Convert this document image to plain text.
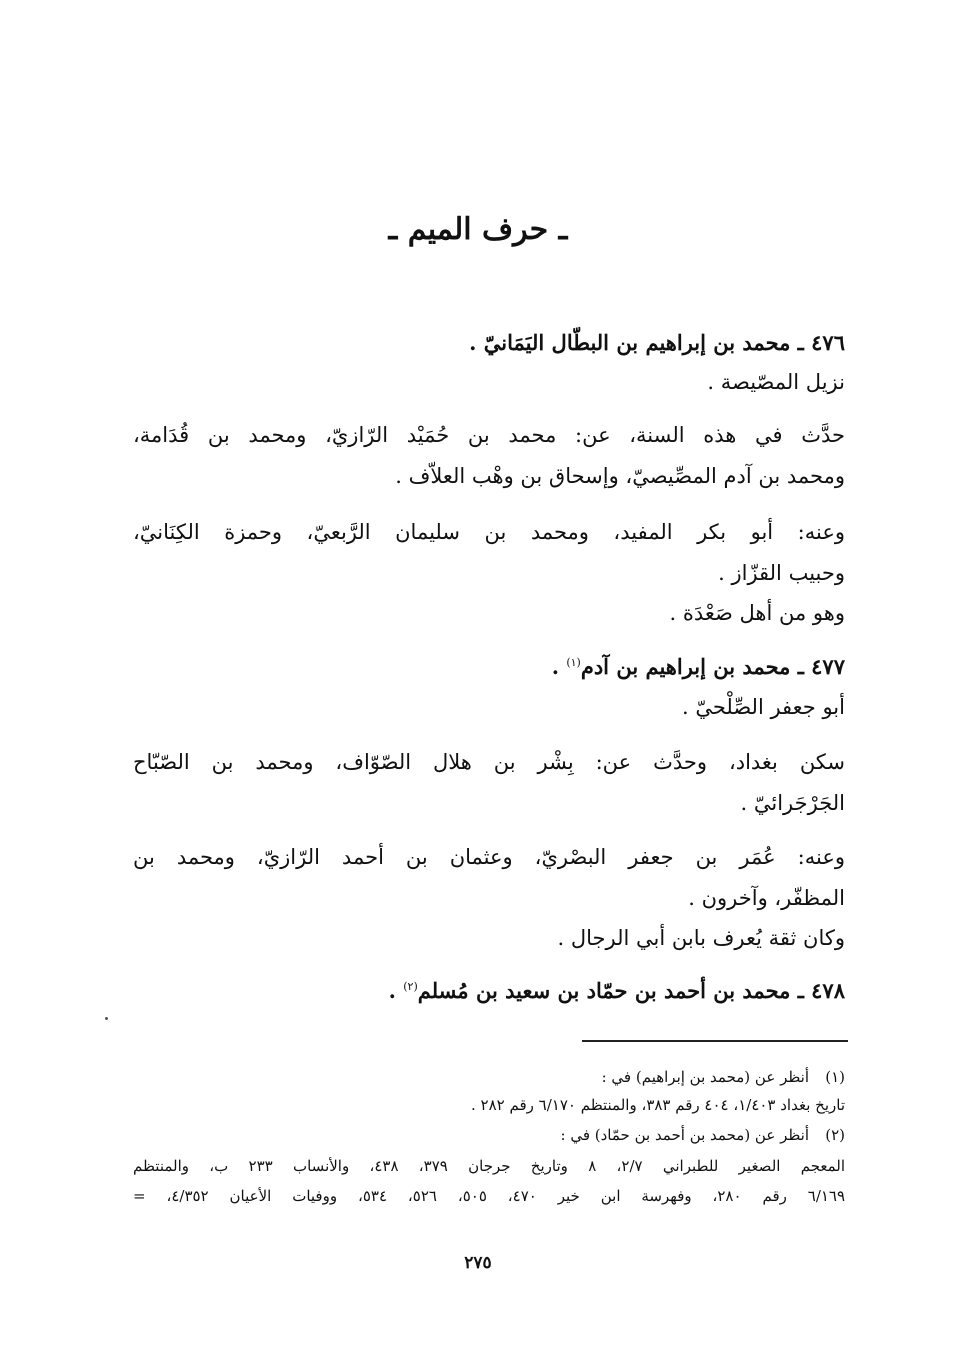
ـ حرف الميم ـ
٤٧٦ ـ محمد بن إبراهيم بن البطّال اليَمَانيّ .
نزيل المصّيصة .
حدَّث في هذه السنة، عن: محمد بن حُمَيْد الرّازيّ، ومحمد بن قُدَامة،
ومحمد بن آدم المصِّيصيّ، وإسحاق بن وهْب العلاّف .
وعنه: أبو بكر المفيد، ومحمد بن سليمان الرَّبعيّ، وحمزة الكِنَانيّ،
وحبيب القزّاز .
وهو من أهل صَعْدَة .
٤٧٧ ـ محمد بن إبراهيم بن آدم$^{(١)}$ .
أبو جعفر الصِّلْحيّ .
سكن بغداد، وحدَّث عن: بِشْر بن هلال الصّوّاف، ومحمد بن الصّبّاح
الجَرْجَرائيّ .
وعنه: عُمَر بن جعفر البصْريّ، وعثمان بن أحمد الرّازيّ، ومحمد بن
المظفّر، وآخرون .
وكان ثقة يُعرف بابن أبي الرجال .
٤٧٨ ـ محمد بن أحمد بن حمّاد بن سعيد بن مُسلم$^{(٢)}$ .
(١)
أنظر عن (محمد بن إبراهيم) في :
تاريخ بغداد ١/٤٠٣، ٤٠٤ رقم ٣٨٣، والمنتظم ٦/١٧٠ رقم ٢٨٢ .
(٢)
أنظر عن (محمد بن أحمد بن حمّاد) في :
المعجم الصغير للطبراني ٢/٧، ٨ وتاريخ جرجان ٣٧٩، ٤٣٨، والأنساب ٢٣٣ ب، والمنتظم
٦/١٦٩ رقم ٢٨٠، وفهرسة ابن خير ٤٧٠، ٥٠٥، ٥٢٦، ٥٣٤، ووفيات الأعيان ٤/٣٥٢، =
٢٧٥
